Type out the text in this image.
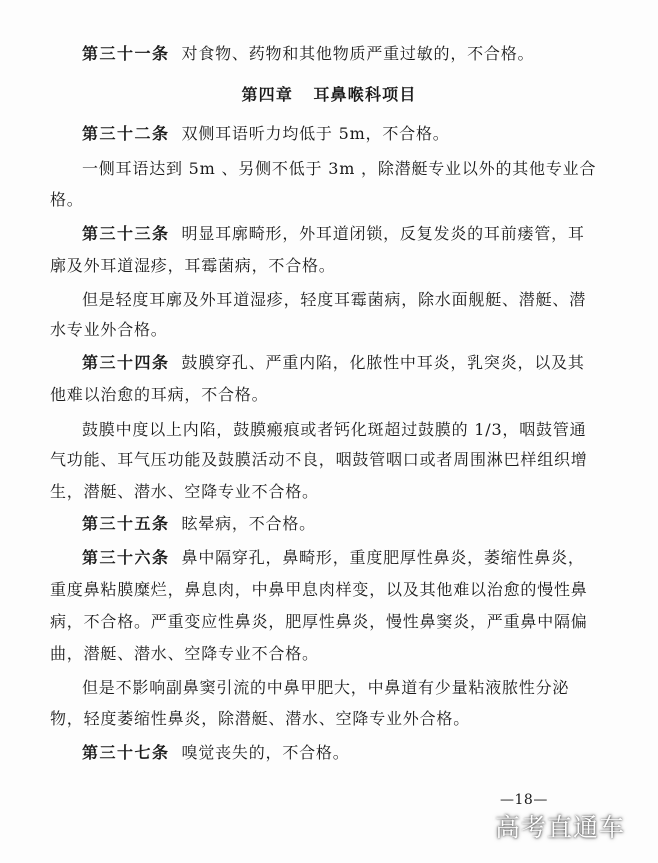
第三十一条 对食物、药物和其他物质严重过敏的，不合格。
第四章 耳鼻喉科项目
第三十二条 双侧耳语听力均低于 5m，不合格。
一侧耳语达到 5m 、另侧不低于 3m ，除潜艇专业以外的其他专业合
格。
第三十三条 明显耳廓畸形，外耳道闭锁，反复发炎的耳前瘘管，耳
廓及外耳道湿疹，耳霉菌病，不合格。
但是轻度耳廓及外耳道湿疹，轻度耳霉菌病，除水面舰艇、潜艇、潜
水专业外合格。
第三十四条 鼓膜穿孔、严重内陷，化脓性中耳炎，乳突炎，以及其
他难以治愈的耳病，不合格。
鼓膜中度以上内陷，鼓膜瘢痕或者钙化斑超过鼓膜的 1/3，咽鼓管通
气功能、耳气压功能及鼓膜活动不良，咽鼓管咽口或者周围淋巴样组织增
生，潜艇、潜水、空降专业不合格。
第三十五条 眩晕病，不合格。
第三十六条 鼻中隔穿孔，鼻畸形，重度肥厚性鼻炎，萎缩性鼻炎，
重度鼻粘膜糜烂，鼻息肉，中鼻甲息肉样变，以及其他难以治愈的慢性鼻
病，不合格。严重变应性鼻炎，肥厚性鼻炎，慢性鼻窦炎，严重鼻中隔偏
曲，潜艇、潜水、空降专业不合格。
但是不影响副鼻窦引流的中鼻甲肥大，中鼻道有少量粘液脓性分泌
物，轻度萎缩性鼻炎，除潜艇、潜水、空降专业外合格。
第三十七条 嗅觉丧失的，不合格。
—18—
高考直通车
